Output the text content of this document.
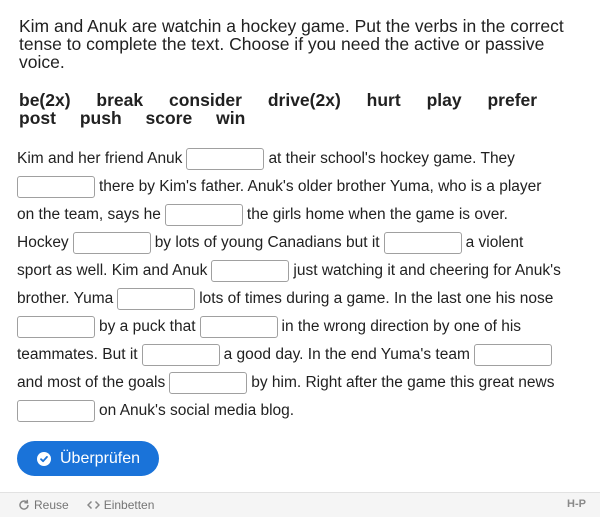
Kim and Anuk are watchin a hockey game. Put the verbs in the correct tense to complete the text. Choose if you need the active or passive voice.

be(2x) break consider drive(2x) hurt play prefer
post push score win
Kim and her friend Anuk	at their school's hockey game. They
there by Kim's father. Anuk's older brother Yuma, who is a player
on the team, says he	the girls home when the game is over.
Hockey	by lots of young Canadians but it	a violent
sport as well. Kim and Anuk	just watching it and cheering for Anuk's
brother. Yuma	lots of times during a game. In the last one his nose
by a puck that	in the wrong direction by one of his
teammates. But it	a good day. In the end Yuma's team
and most of the goals	by him. Right after the game this great news
on Anuk's social media blog.
Überprüfen
Reuse	Einbetten	H-P
